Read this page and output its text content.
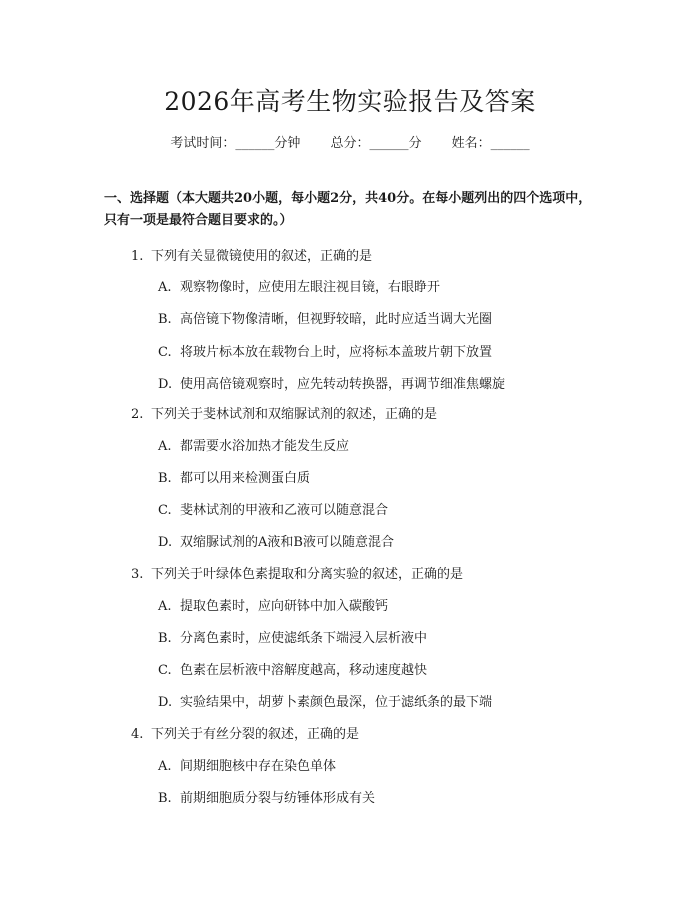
2026年高考生物实验报告及答案
考试时间：______分钟 总分：______分 姓名：______
一、选择题（本大题共20小题，每小题2分，共40分。在每小题列出的四个选项中，只有一项是最符合题目要求的。）
1. 下列有关显微镜使用的叙述，正确的是
A. 观察物像时，应使用左眼注视目镜，右眼睁开
B. 高倍镜下物像清晰，但视野较暗，此时应适当调大光圈
C. 将玻片标本放在载物台上时，应将标本盖玻片朝下放置
D. 使用高倍镜观察时，应先转动转换器，再调节细准焦螺旋
2. 下列关于斐林试剂和双缩脲试剂的叙述，正确的是
A. 都需要水浴加热才能发生反应
B. 都可以用来检测蛋白质
C. 斐林试剂的甲液和乙液可以随意混合
D. 双缩脲试剂的A液和B液可以随意混合
3. 下列关于叶绿体色素提取和分离实验的叙述，正确的是
A. 提取色素时，应向研钵中加入碳酸钙
B. 分离色素时，应使滤纸条下端浸入层析液中
C. 色素在层析液中溶解度越高，移动速度越快
D. 实验结果中，胡萝卜素颜色最深，位于滤纸条的最下端
4. 下列关于有丝分裂的叙述，正确的是
A. 间期细胞核中存在染色单体
B. 前期细胞质分裂与纺锤体形成有关
